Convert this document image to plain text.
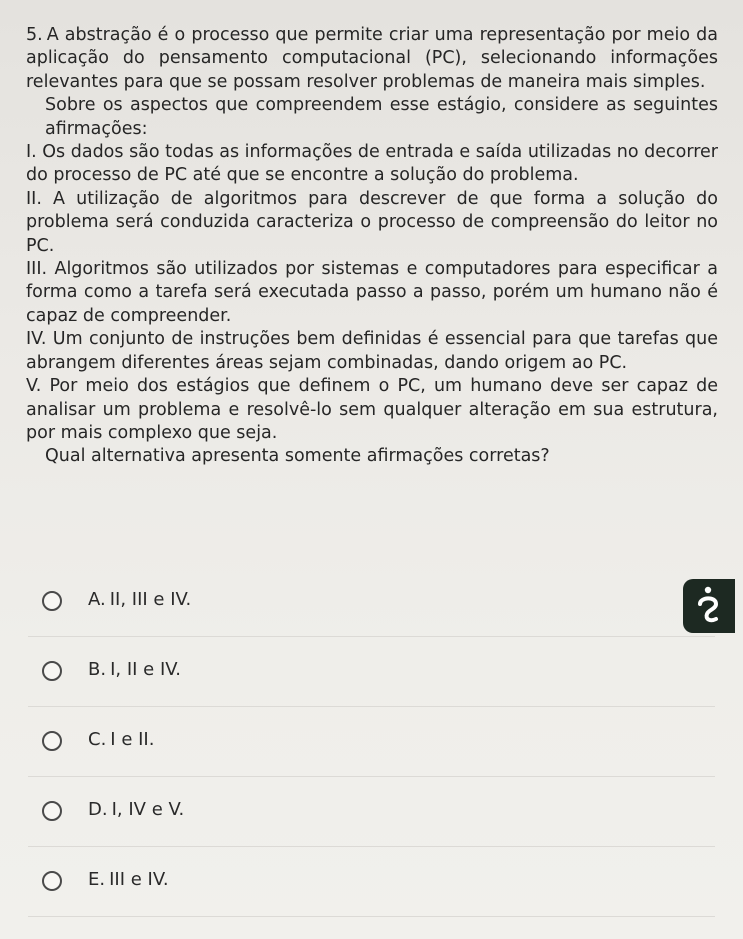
5. A abstração é o processo que permite criar uma representação por meio da aplicação do pensamento computacional (PC), selecionando informações relevantes para que se possam resolver problemas de maneira mais simples.

Sobre os aspectos que compreendem esse estágio, considere as seguintes afirmações:

I. Os dados são todas as informações de entrada e saída utilizadas no decorrer do processo de PC até que se encontre a solução do problema.

II. A utilização de algoritmos para descrever de que forma a solução do problema será conduzida caracteriza o processo de compreensão do leitor no PC.

III. Algoritmos são utilizados por sistemas e computadores para especificar a forma como a tarefa será executada passo a passo, porém um humano não é capaz de compreender.

IV. Um conjunto de instruções bem definidas é essencial para que tarefas que abrangem diferentes áreas sejam combinadas, dando origem ao PC.

V. Por meio dos estágios que definem o PC, um humano deve ser capaz de analisar um problema e resolvê-lo sem qualquer alteração em sua estrutura, por mais complexo que seja.

Qual alternativa apresenta somente afirmações corretas?

A. II, III e IV.
B. I, II e IV.
C. I e II.
D. I, IV e V.
E. III e IV.
